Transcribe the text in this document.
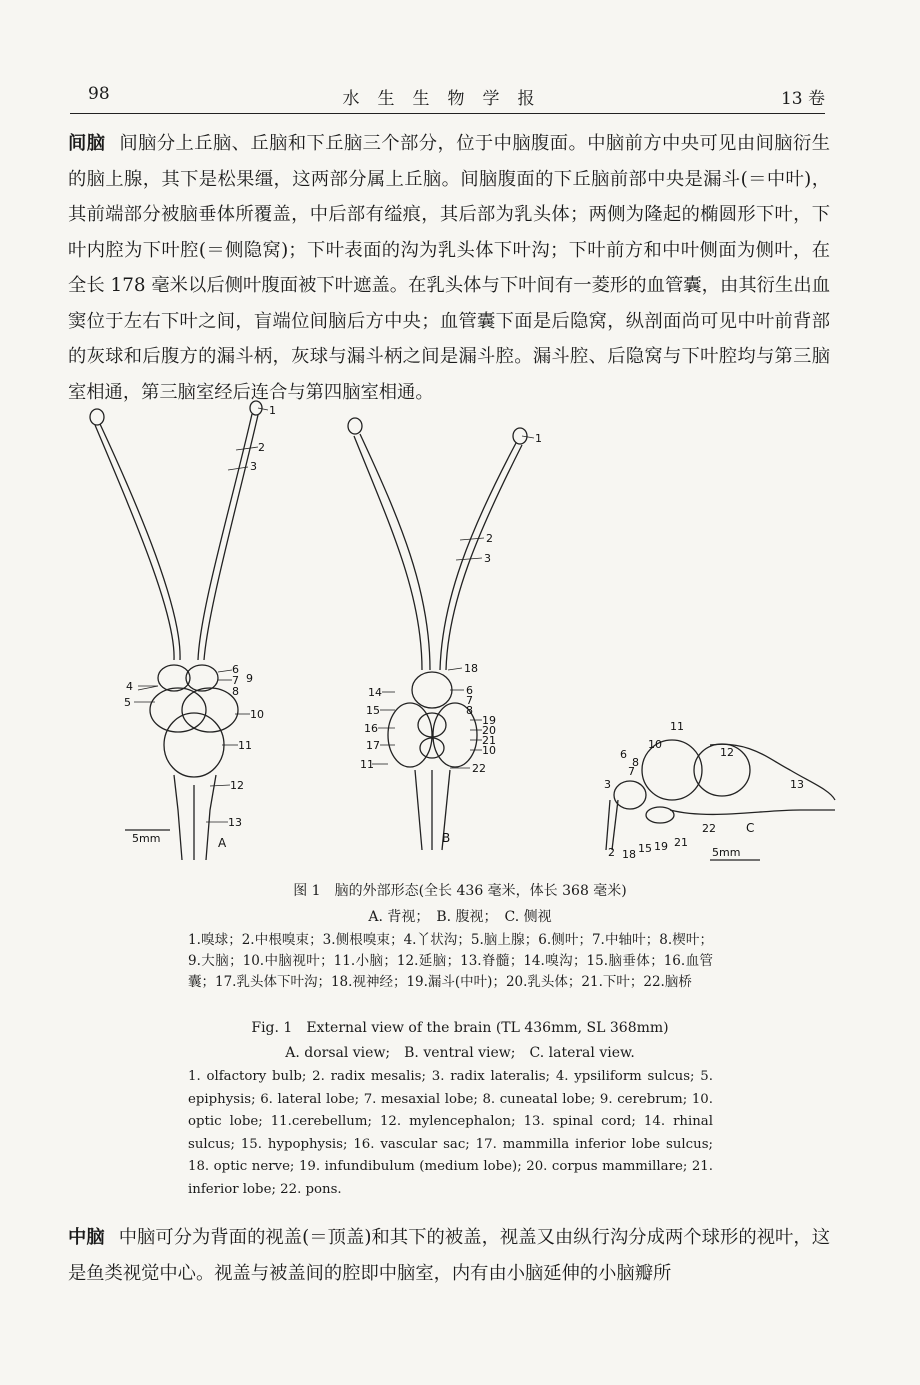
98	水生生物学报	13 卷
间脑 间脑分上丘脑、丘脑和下丘脑三个部分，位于中脑腹面。中脑前方中央可见由间脑衍生的脑上腺，其下是松果缰，这两部分属上丘脑。间脑腹面的下丘脑前部中央是漏斗(＝中叶)，其前端部分被脑垂体所覆盖，中后部有缢痕，其后部为乳头体；两侧为隆起的椭圆形下叶，下叶内腔为下叶腔(＝侧隐窝)；下叶表面的沟为乳头体下叶沟；下叶前方和中叶侧面为侧叶，在全长 178 毫米以后侧叶腹面被下叶遮盖。在乳头体与下叶间有一菱形的血管囊，由其衍生出血窦位于左右下叶之间，盲端位间脑后方中央；血管囊下面是后隐窝，纵剖面尚可见中叶前背部的灰球和后腹方的漏斗柄，灰球与漏斗柄之间是漏斗腔。漏斗腔、后隐窝与下叶腔均与第三脑室相通，第三脑室经后连合与第四脑室相通。
1
2
3
4
5
6
7
8
9
10
11
12
13
5mm	A
1
2
3
18
14	6
7
15	8
16
19
17
20
21
10
11	22
B
11
10
12
6
8
7
3	13
2 18 15 19 21
22	C
5mm
图 1　脑的外部形态(全长 436 毫米，体长 368 毫米)
A. 背视；　B. 腹视；　C. 侧视
1.嗅球；2.中根嗅束；3.侧根嗅束；4.丫状沟；5.脑上腺；6.侧叶；7.中轴叶；8.楔叶；9.大脑；10.中脑视叶；11.小脑；12.延脑；13.脊髓；14.嗅沟；15.脑垂体；16.血管囊；17.乳头体下叶沟；18.视神经；19.漏斗(中叶)；20.乳头体；21.下叶；22.脑桥
Fig. 1　External view of the brain (TL 436mm, SL 368mm)
A. dorsal view;　B. ventral view;　C. lateral view.
1. olfactory bulb; 2. radix mesalis; 3. radix lateralis; 4. ypsiliform sulcus; 5. epiphysis; 6. lateral lobe; 7. mesaxial lobe; 8. cuneatal lobe; 9. cerebrum; 10. optic lobe; 11.cerebellum; 12. mylencephalon; 13. spinal cord; 14. rhinal sulcus; 15. hypophysis; 16. vascular sac; 17. mammilla inferior lobe sulcus; 18. optic nerve; 19. infundibulum (medium lobe); 20. corpus mammillare; 21. inferior lobe; 22. pons.
中脑 中脑可分为背面的视盖(＝顶盖)和其下的被盖，视盖又由纵行沟分成两个球形的视叶，这是鱼类视觉中心。视盖与被盖间的腔即中脑室，内有由小脑延伸的小脑瓣所
